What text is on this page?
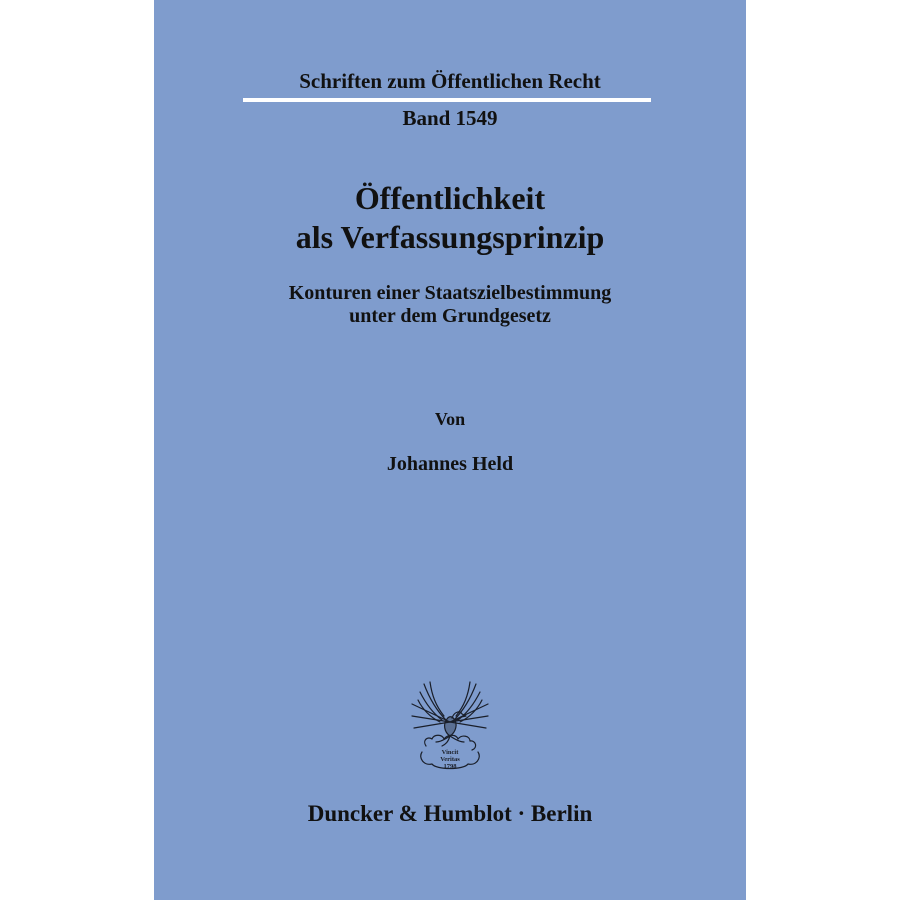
Schriften zum Öffentlichen Recht
Band 1549
Öffentlichkeit
als Verfassungsprinzip
Konturen einer Staatszielbestimmung
unter dem Grundgesetz
Von
Johannes Held
Vincit
Veritas
1798
Duncker & Humblot · Berlin
